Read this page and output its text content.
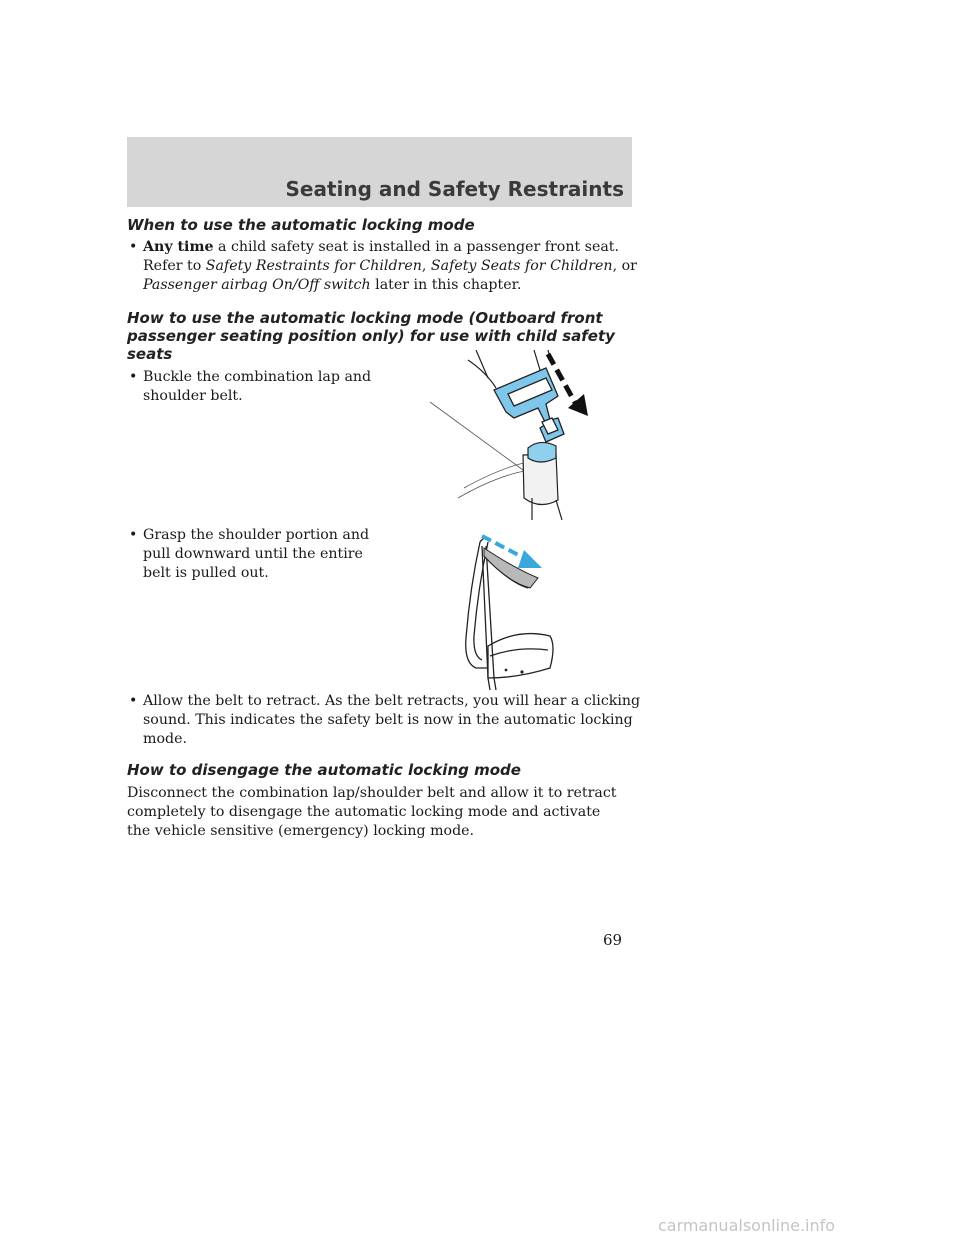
Seating and Safety Restraints
When to use the automatic locking mode
• Any time a child safety seat is installed in a passenger front seat. Refer to Safety Restraints for Children, Safety Seats for Children, or Passenger airbag On/Off switch later in this chapter.
How to use the automatic locking mode (Outboard front passenger seating position only) for use with child safety seats
• Buckle the combination lap and shoulder belt.
• Grasp the shoulder portion and pull downward until the entire belt is pulled out.
• Allow the belt to retract. As the belt retracts, you will hear a clicking sound. This indicates the safety belt is now in the automatic locking mode.
How to disengage the automatic locking mode

Disconnect the combination lap/shoulder belt and allow it to retract completely to disengage the automatic locking mode and activate the vehicle sensitive (emergency) locking mode.

69
carmanualsonline.info
